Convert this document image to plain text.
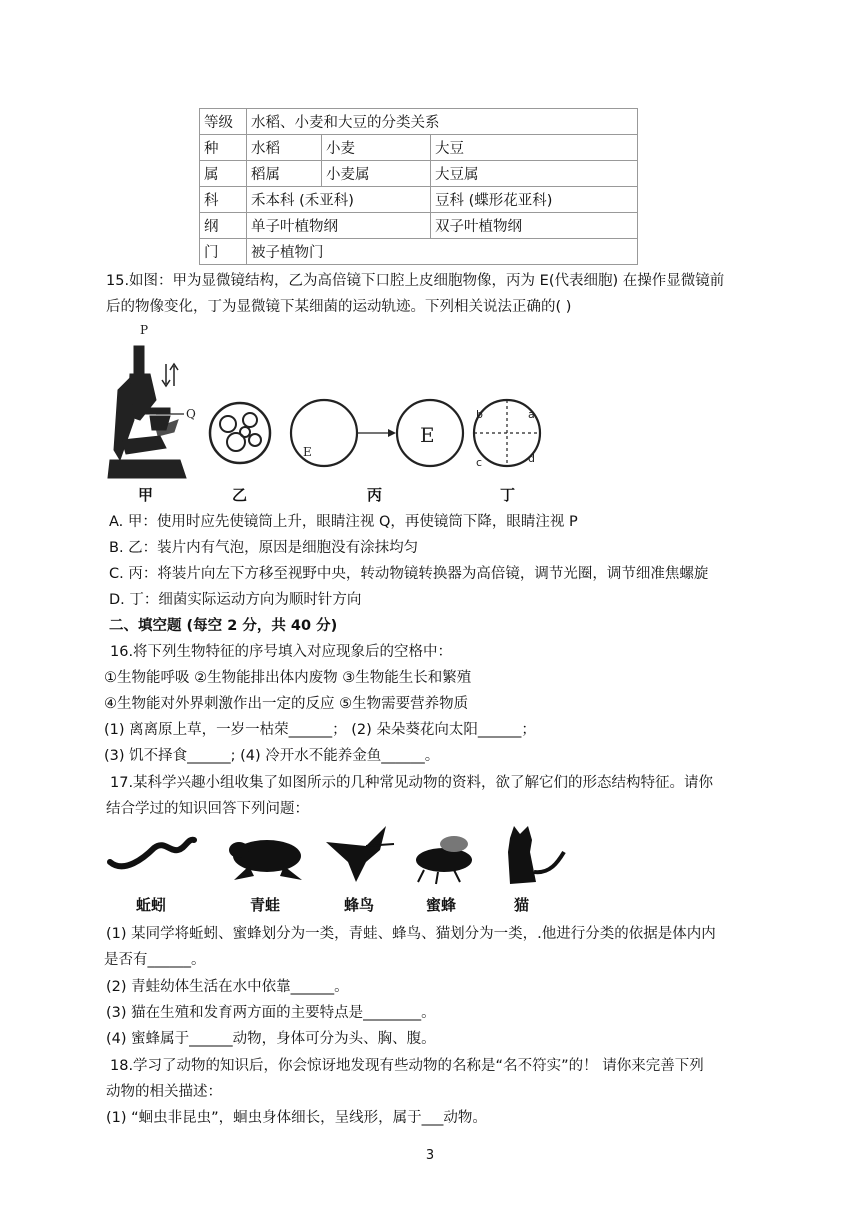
等级	水稻、小麦和大豆的分类关系		
种	水稻	小麦	大豆
属	稻属	小麦属	大豆属
科	禾本科 (禾亚科)		豆科 (蝶形花亚科)
纲	单子叶植物纲		双子叶植物纲
门	被子植物门		
15.如图：甲为显微镜结构，乙为高倍镜下口腔上皮细胞物像，丙为 E(代表细胞) 在操作显微镜前
后的物像变化，丁为显微镜下某细菌的运动轨迹。下列相关说法正确的( )
P
Q
E
E
a
b
c	d
甲	乙	丙	丁
A. 甲：使用时应先使镜筒上升，眼睛注视 Q，再使镜筒下降，眼睛注视 P
B. 乙：装片内有气泡，原因是细胞没有涂抹均匀
C. 丙：将装片向左下方移至视野中央，转动物镜转换器为高倍镜，调节光圈，调节细准焦螺旋
D. 丁：细菌实际运动方向为顺时针方向
二、填空题 (每空 2 分，共 40 分)
16.将下列生物特征的序号填入对应现象后的空格中：
①生物能呼吸 ②生物能排出体内废物 ③生物能生长和繁殖
④生物能对外界刺激作出一定的反应 ⑤生物需要营养物质
(1) 离离原上草，一岁一枯荣______； (2) 朵朵葵花向太阳______；
(3) 饥不择食______; (4) 冷开水不能养金鱼______。
17.某科学兴趣小组收集了如图所示的几种常见动物的资料，欲了解它们的形态结构特征。请你
结合学过的知识回答下列问题：
蚯蚓	青蛙	蜂鸟	蜜蜂	猫
(1) 某同学将蚯蚓、蜜蜂划分为一类，青蛙、蜂鸟、猫划分为一类，.他进行分类的依据是体内内
是否有______。
(2) 青蛙幼体生活在水中依靠______。
(3) 猫在生殖和发育两方面的主要特点是________。
(4) 蜜蜂属于______动物，身体可分为头、胸、腹。
18.学习了动物的知识后，你会惊讶地发现有些动物的名称是“名不符实”的！ 请你来完善下列
动物的相关描述：
(1) “蛔虫非昆虫”，蛔虫身体细长，呈线形，属于___动物。
3
